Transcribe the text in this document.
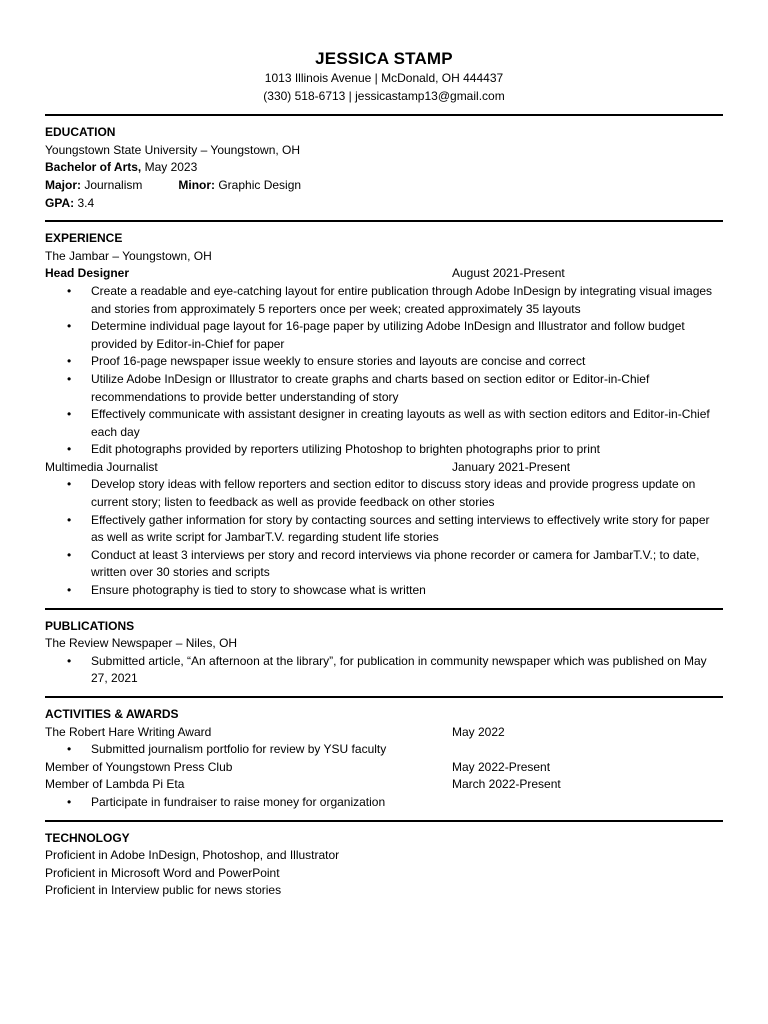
JESSICA STAMP
1013 Illinois Avenue | McDonald, OH 444437
(330) 518-6713 | jessicastamp13@gmail.com
EDUCATION
Youngstown State University – Youngstown, OH
Bachelor of Arts, May 2023
Major: Journalism	Minor: Graphic Design
GPA: 3.4
EXPERIENCE
The Jambar – Youngstown, OH
Head Designer	August 2021-Present
• Create a readable and eye-catching layout for entire publication through Adobe InDesign by integrating visual images and stories from approximately 5 reporters once per week; created approximately 35 layouts
• Determine individual page layout for 16-page paper by utilizing Adobe InDesign and Illustrator and follow budget provided by Editor-in-Chief for paper
• Proof 16-page newspaper issue weekly to ensure stories and layouts are concise and correct
• Utilize Adobe InDesign or Illustrator to create graphs and charts based on section editor or Editor-in-Chief recommendations to provide better understanding of story
• Effectively communicate with assistant designer in creating layouts as well as with section editors and Editor-in-Chief each day
• Edit photographs provided by reporters utilizing Photoshop to brighten photographs prior to print
Multimedia Journalist	January 2021-Present
• Develop story ideas with fellow reporters and section editor to discuss story ideas and provide progress update on current story; listen to feedback as well as provide feedback on other stories
• Effectively gather information for story by contacting sources and setting interviews to effectively write story for paper as well as write script for JambarT.V. regarding student life stories
• Conduct at least 3 interviews per story and record interviews via phone recorder or camera for JambarT.V.; to date, written over 30 stories and scripts
• Ensure photography is tied to story to showcase what is written
PUBLICATIONS
The Review Newspaper – Niles, OH
• Submitted article, “An afternoon at the library”, for publication in community newspaper which was published on May 27, 2021
ACTIVITIES & AWARDS
The Robert Hare Writing Award	May 2022
• Submitted journalism portfolio for review by YSU faculty
Member of Youngstown Press Club	May 2022-Present
Member of Lambda Pi Eta	March 2022-Present
• Participate in fundraiser to raise money for organization
TECHNOLOGY
Proficient in Adobe InDesign, Photoshop, and Illustrator
Proficient in Microsoft Word and PowerPoint
Proficient in Interview public for news stories
